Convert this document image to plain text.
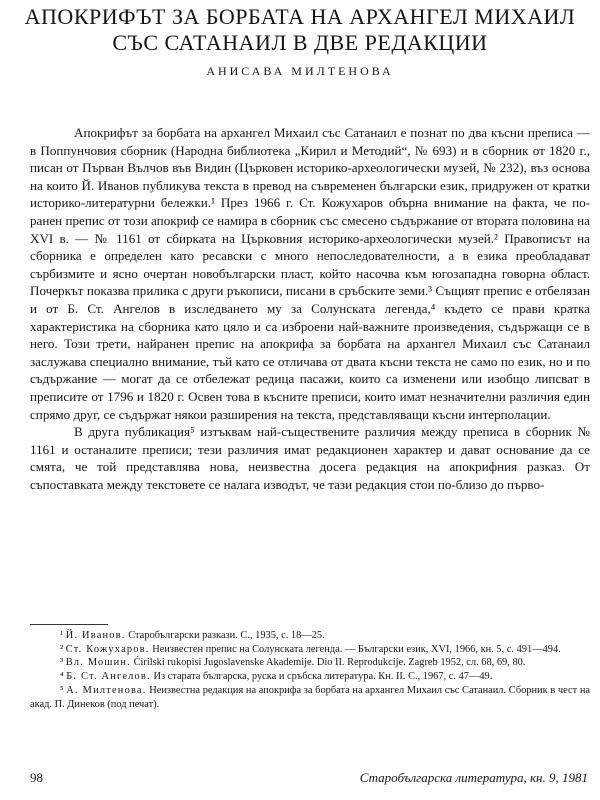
АПОКРИФЪТ ЗА БОРБАТА НА АРХАНГЕЛ МИХАИЛ
СЪС САТАНАИЛ В ДВЕ РЕДАКЦИИ
АНИСАВА МИЛТЕНОВА

Апокрифът за борбата на архангел Михаил със Сатанаил е познат по два късни преписа — в Поппунчовия сборник (Народна библиотека „Кирил и Методий“, № 693) и в сборник от 1820 г., писан от Първан Вълчов във Видин (Църковен историко-археологически музей, № 232), въз основа на които Й. Иванов публикува текста в превод на съвременен български език, придружен от кратки историко-литературни бележки.¹ През 1966 г. Ст. Кожухаров обърна внимание на факта, че по-ранен препис от този апокриф се намира в сборник със смесено съдържание от втората половина на XVI в. — № 1161 от сбирката на Църковния историко-археологически музей.² Правописът на сборника е определен като ресавски с много непоследователности, а в езика преобладават сърбизмите и ясно очертан новобългарски пласт, който насочва към югозападна говорна област. Почеркът показва прилика с други ръкописи, писани в сръбските земи.³ Същият препис е отбелязан и от Б. Ст. Ангелов в изследването му за Солунската легенда,⁴ където се прави кратка характеристика на сборника като цяло и са изброени най-важните произведения, съдържащи се в него. Този трети, найранен препис на апокрифа за борбата на архангел Михаил със Сатанаил заслужава специално внимание, тъй като се отличава от двата късни текста не само по език, но и по съдържание — могат да се отбележат редица пасажи, които са изменени или изобщо липсват в преписите от 1796 и 1820 г. Освен това в късните преписи, които имат незначителни различия един спрямо друг, се съдържат някои разширения на текста, представляващи късни интерполации.

В друга публикация⁵ изтъквам най-съществените различия между преписа в сборник № 1161 и останалите преписи; тези различия имат редакционен характер и дават основание да се смята, че той представлява нова, неизвестна досега редакция на апокрифния разказ. От съпоставката между текстовете се налага изводът, че тази редакция стои по-близо до първо-

¹ Й. Иванов. Старобългарски разкази. С., 1935, с. 18—25.
² Ст. Кожухаров. Неизвестен препис на Солунската легенда. — Български език, XVI, 1966, кн. 5, с. 491—494.
³ Вл. Мошин. Ćirilski rukopisi Jugoslavenske Akademije. Dio II. Reprodukcije. Zagreb 1952, сл. 68, 69, 80.
⁴ Б. Ст. Ангелов. Из старата българска, руска и сръбска литература. Кн. II. С., 1967, с. 47—49.
⁵ А. Милтенова. Неизвестна редакция на апокрифа за борбата на архангел Михаил със Сатанаил. Сборник в чест на акад. П. Динеков (под печат).
98	Старобългарска литература, кн. 9, 1981
